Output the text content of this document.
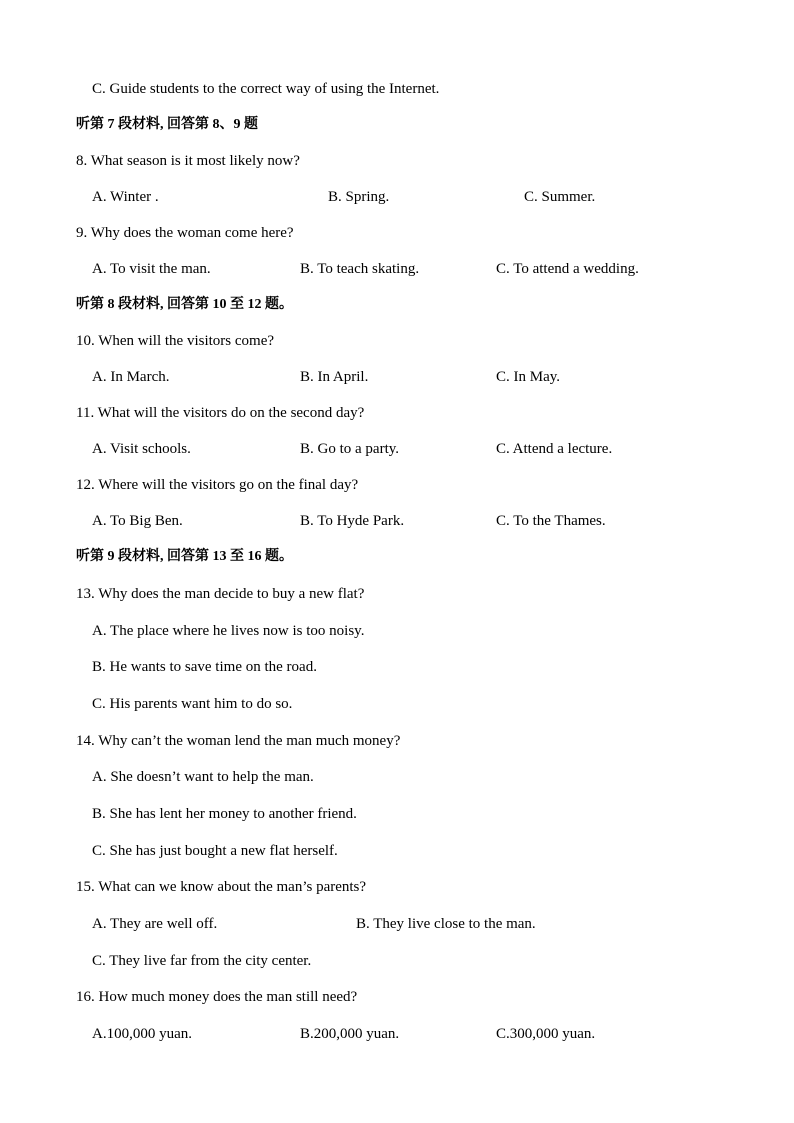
C. Guide students to the correct way of using the Internet.
听第 7 段材料, 回答第 8、9 题
8. What season is it most likely now?
A. Winter .	B. Spring.	C. Summer.
9. Why does the woman come here?
A. To visit the man.	B. To teach skating.	C. To attend a wedding.
听第 8 段材料, 回答第 10 至 12 题。
10. When will the visitors come?
A. In March.	B. In April.	C. In May.
11. What will the visitors do on the second day?
A. Visit schools.	B. Go to a party.	C. Attend a lecture.
12. Where will the visitors go on the final day?
A. To Big Ben.	B. To Hyde Park.	C. To the Thames.
听第 9 段材料, 回答第 13 至 16 题。
13. Why does the man decide to buy a new flat?
A. The place where he lives now is too noisy.
B. He wants to save time on the road.
C. His parents want him to do so.
14. Why can’t the woman lend the man much money?
A. She doesn’t want to help the man.
B. She has lent her money to another friend.
C. She has just bought a new flat herself.
15. What can we know about the man’s parents?
A. They are well off.	B. They live close to the man.
C. They live far from the city center.
16. How much money does the man still need?
A.100,000 yuan.	B.200,000 yuan.	C.300,000 yuan.
